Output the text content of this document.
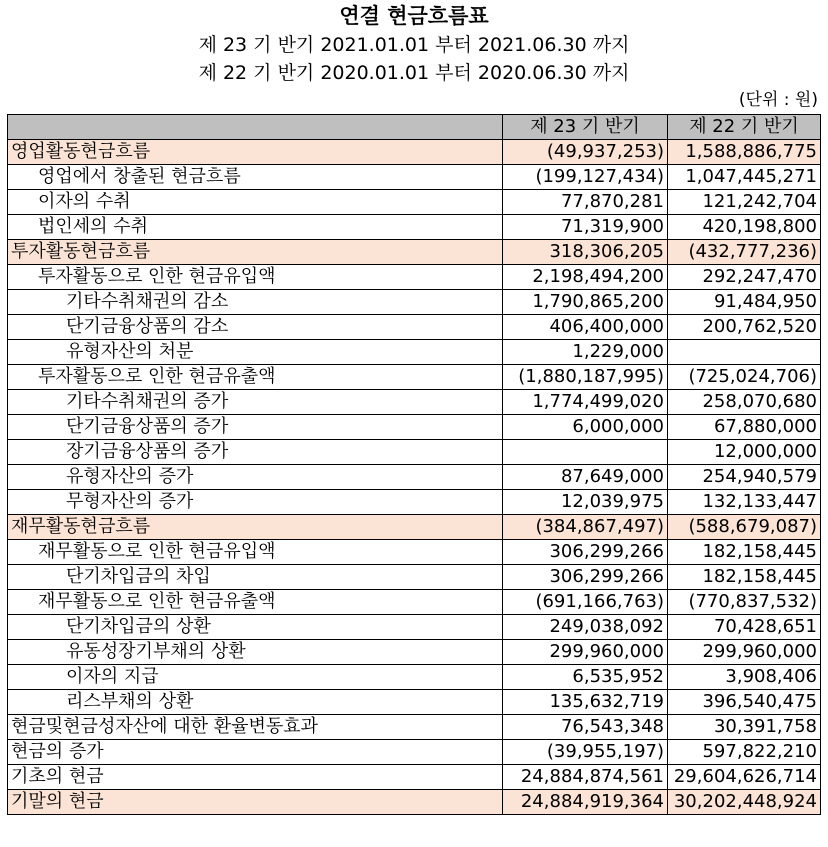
연결 현금흐름표
제 23 기 반기 2021.01.01 부터 2021.06.30 까지
제 22 기 반기 2020.01.01 부터 2020.06.30 까지
(단위 : 원)
	제 23 기 반기	제 22 기 반기
영업활동현금흐름	(49,937,253)	1,588,886,775
영업에서 창출된 현금흐름	(199,127,434)	1,047,445,271
이자의 수취	77,870,281	121,242,704
법인세의 수취	71,319,900	420,198,800
투자활동현금흐름	318,306,205	(432,777,236)
투자활동으로 인한 현금유입액	2,198,494,200	292,247,470
기타수취채권의 감소	1,790,865,200	91,484,950
단기금융상품의 감소	406,400,000	200,762,520
유형자산의 처분	1,229,000	
투자활동으로 인한 현금유출액	(1,880,187,995)	(725,024,706)
기타수취채권의 증가	1,774,499,020	258,070,680
단기금융상품의 증가	6,000,000	67,880,000
장기금융상품의 증가		12,000,000
유형자산의 증가	87,649,000	254,940,579
무형자산의 증가	12,039,975	132,133,447
재무활동현금흐름	(384,867,497)	(588,679,087)
재무활동으로 인한 현금유입액	306,299,266	182,158,445
단기차입금의 차입	306,299,266	182,158,445
재무활동으로 인한 현금유출액	(691,166,763)	(770,837,532)
단기차입금의 상환	249,038,092	70,428,651
유동성장기부채의 상환	299,960,000	299,960,000
이자의 지급	6,535,952	3,908,406
리스부채의 상환	135,632,719	396,540,475
현금및현금성자산에 대한 환율변동효과	76,543,348	30,391,758
현금의 증가	(39,955,197)	597,822,210
기초의 현금	24,884,874,561	29,604,626,714
기말의 현금	24,884,919,364	30,202,448,924
